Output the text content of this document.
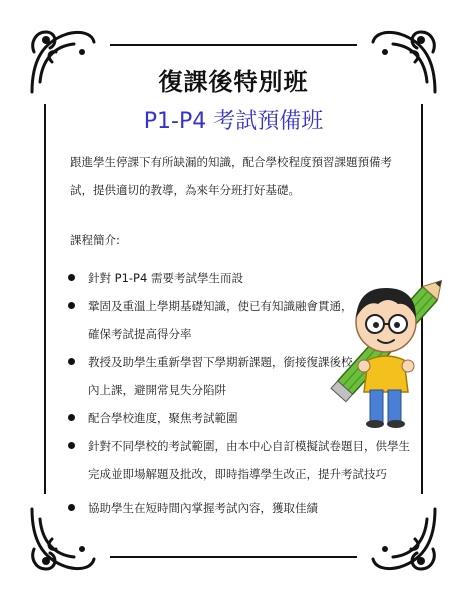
復課後特別班
P1-P4 考試預備班
跟進學生停課下有所缺漏的知識，配合學校程度預習課題預備考試，提供適切的教導，為來年分班打好基礎。
課程簡介:
針對 P1-P4 需要考試學生而設
鞏固及重溫上學期基礎知識，使已有知識融會貫通，確保考試提高得分率
教授及助學生重新學習下學期新課題，銜接復課後校內上課，避開常見失分陷阱
配合學校進度，聚焦考試範圍
針對不同學校的考試範圍，由本中心自訂模擬試卷題目，供學生完成並即場解題及批改，即時指導學生改正，提升考試技巧
協助學生在短時間內掌握考試內容，獲取佳績
